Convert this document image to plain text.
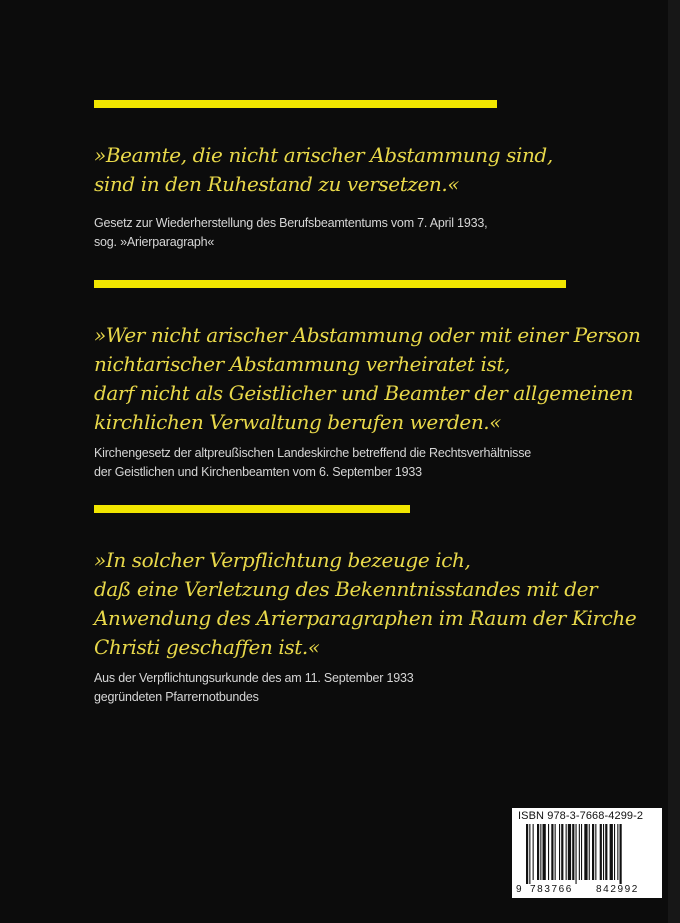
»Beamte, die nicht arischer Abstammung sind,
sind in den Ruhestand zu versetzen.«

Gesetz zur Wiederherstellung des Berufsbeamtentums vom 7. April 1933,
sog. »Arierparagraph«

»Wer nicht arischer Abstammung oder mit einer Person
nichtarischer Abstammung verheiratet ist,
darf nicht als Geistlicher und Beamter der allgemeinen
kirchlichen Verwaltung berufen werden.«

Kirchengesetz der altpreußischen Landeskirche betreffend die Rechtsverhältnisse
der Geistlichen und Kirchenbeamten vom 6. September 1933

»In solcher Verpflichtung bezeuge ich,
daß eine Verletzung des Bekenntnisstandes mit der
Anwendung des Arierparagraphen im Raum der Kirche
Christi geschaffen ist.«

Aus der Verpflichtungsurkunde des am 11. September 1933
gegründeten Pfarrernotbundes

ISBN 978-3-7668-4299-2
9 783766 842992
